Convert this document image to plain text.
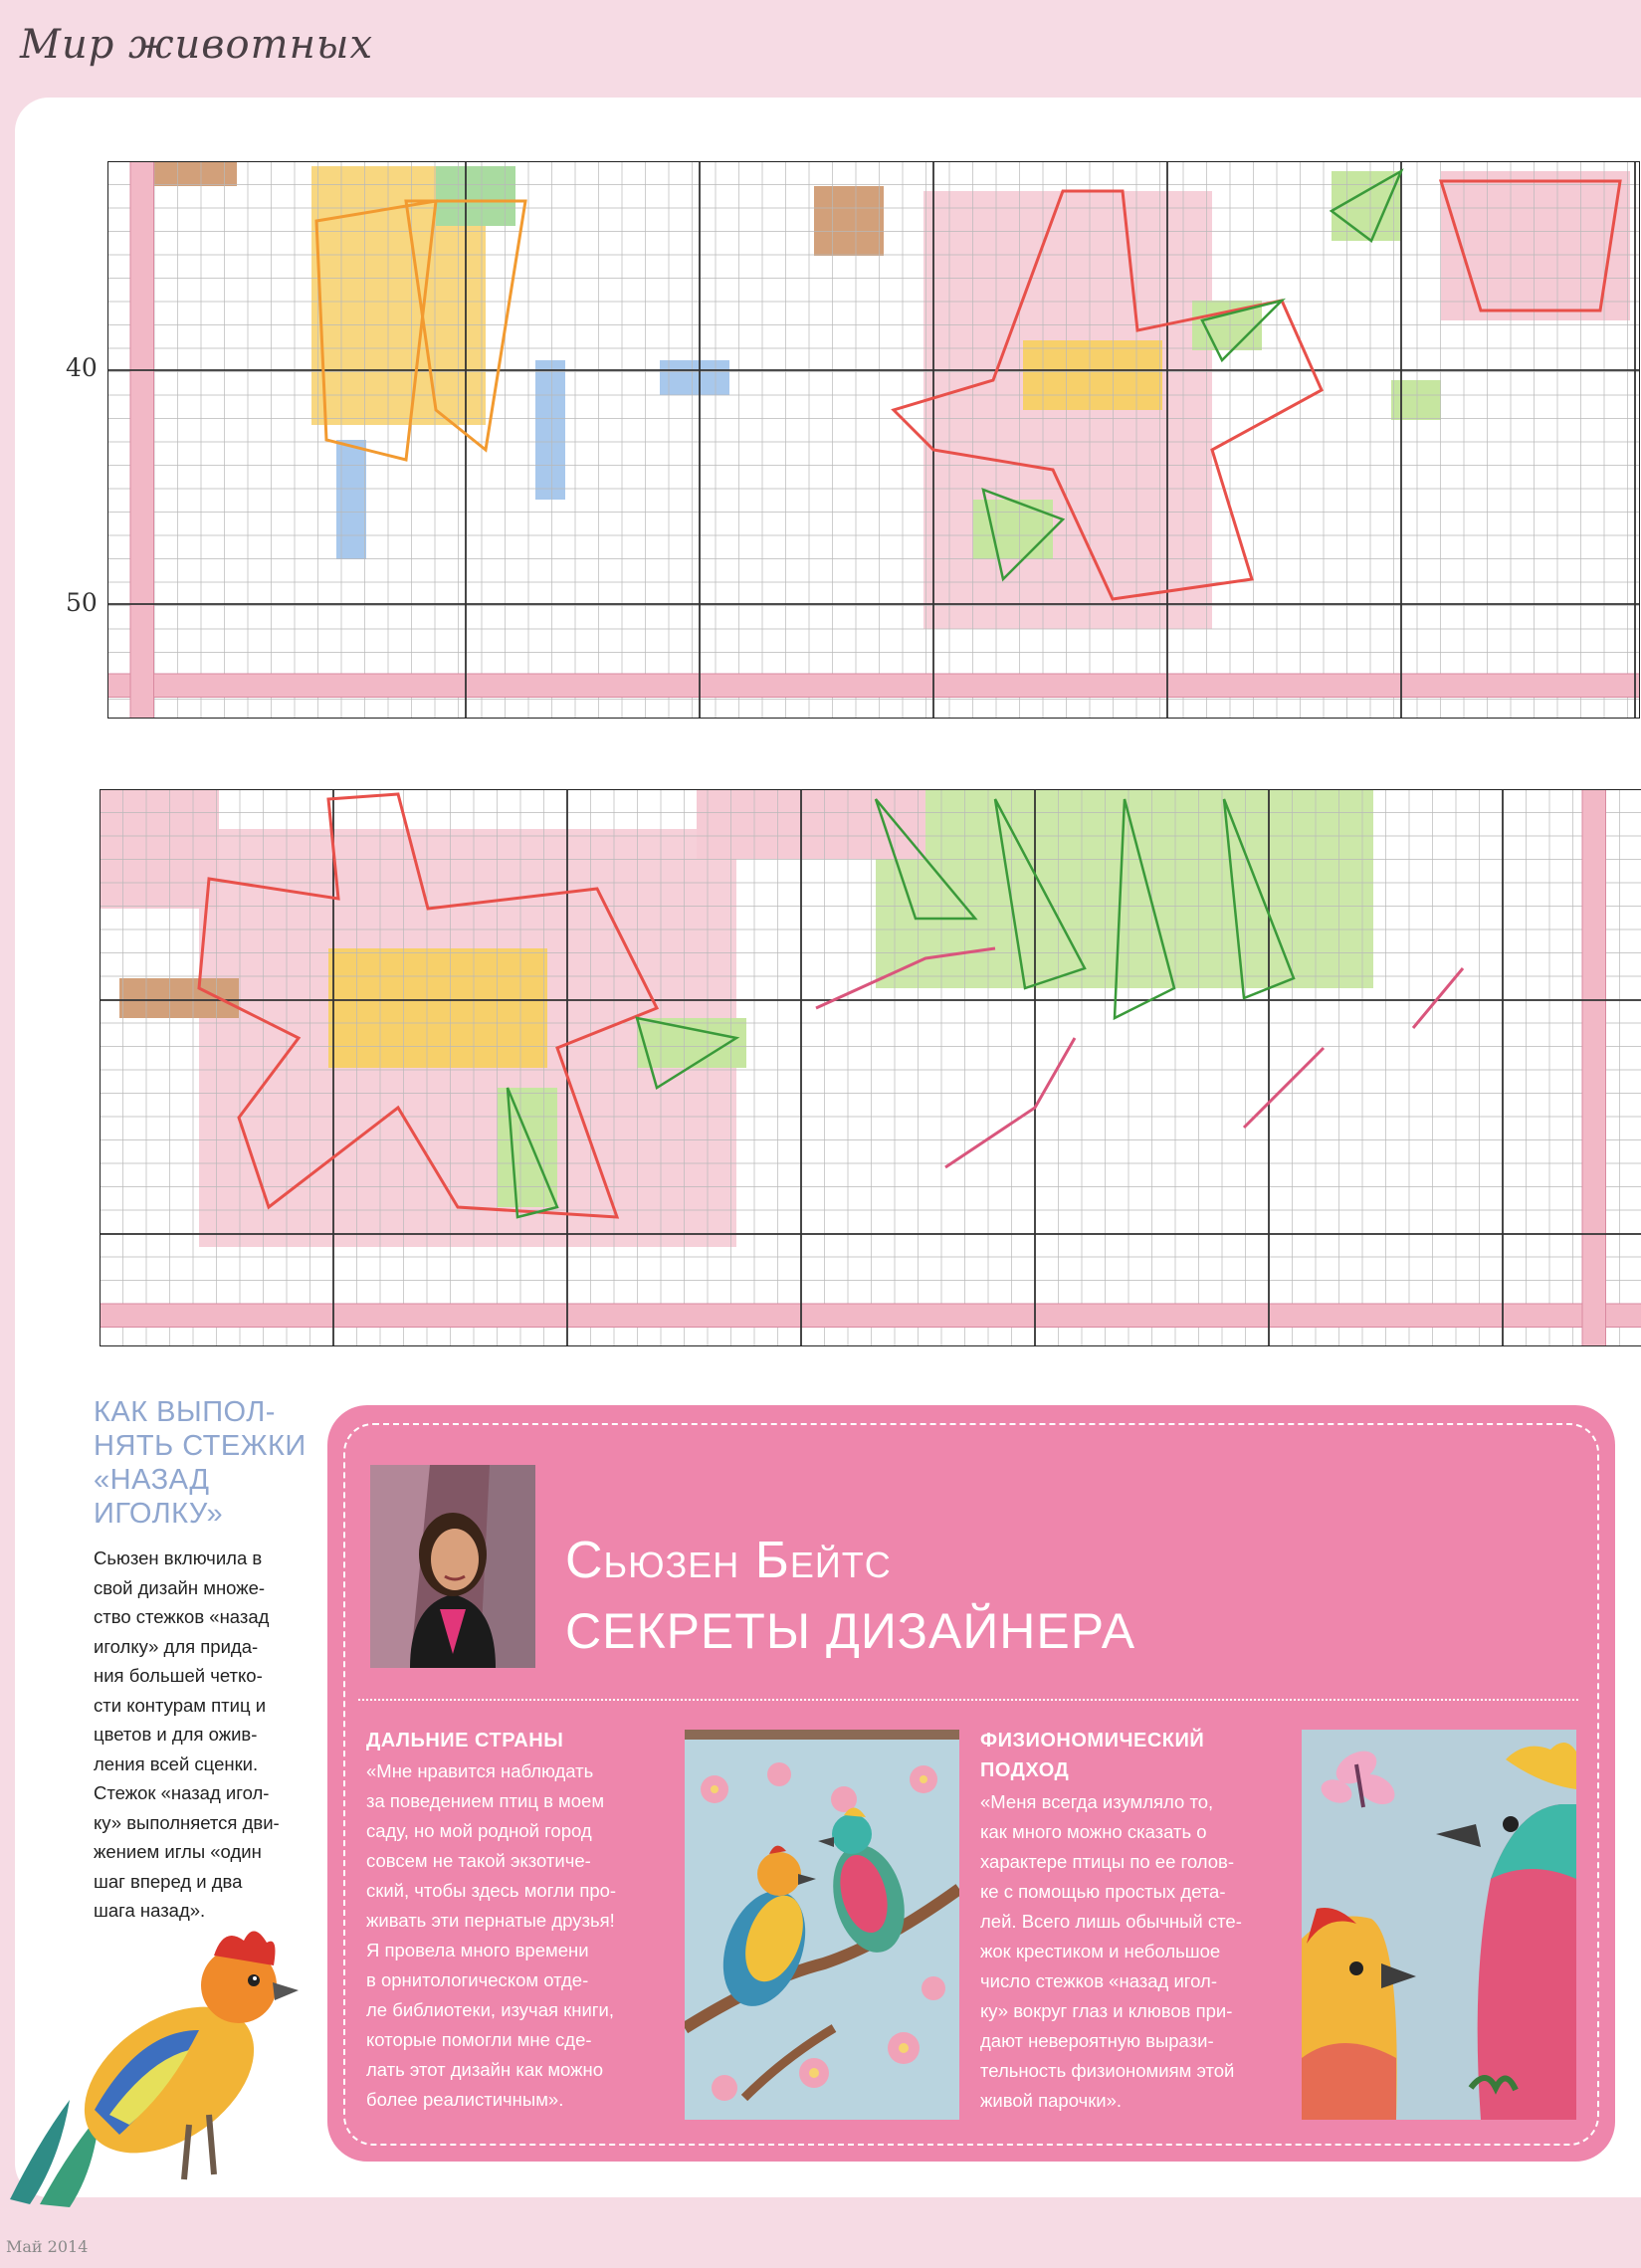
Мир животных
40
50
КАК ВЫПОЛ-
НЯТЬ СТЕЖКИ
«НАЗАД
ИГОЛКУ»
Сьюзен включила в
свой дизайн множе-
ство стежков «назад
иголку» для прида-
ния большей четко-
сти контурам птиц и
цветов и для ожив-
ления всей сценки.
Стежок «назад игол-
ку» выполняется дви-
жением иглы «один
шаг вперед и два
шага назад».
Май 2014
Сьюзен Бейтс
СЕКРЕТЫ ДИЗАЙНЕРА
ДАЛЬНИЕ СТРАНЫ
«Мне нравится наблюдать
за поведением птиц в моем
саду, но мой родной город
совсем не такой экзотиче-
ский, чтобы здесь могли про-
живать эти пернатые друзья!
Я провела много времени
в орнитологическом отде-
ле библиотеки, изучая книги,
которые помогли мне сде-
лать этот дизайн как можно
более реалистичным».
ФИЗИОНОМИЧЕСКИЙ
ПОДХОД
«Меня всегда изумляло то,
как много можно сказать о
характере птицы по ее голов-
ке с помощью простых дета-
лей. Всего лишь обычный сте-
жок крестиком и небольшое
число стежков «назад игол-
ку» вокруг глаз и клювов при-
дают невероятную вырази-
тельность физиономиям этой
живой парочки».
